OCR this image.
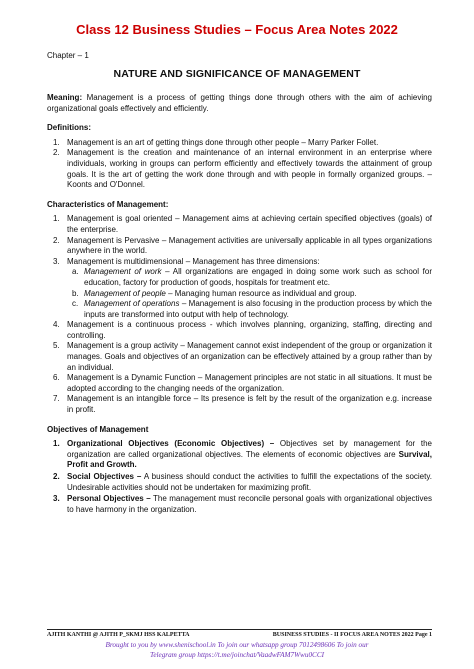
Class 12 Business Studies – Focus Area Notes 2022
Chapter – 1
NATURE AND SIGNIFICANCE OF MANAGEMENT

Meaning: Management is a process of getting things done through others with the aim of achieving organizational goals effectively and efficiently.

Definitions:

1. Management is an art of getting things done through other people – Marry Parker Follet.
2. Management is the creation and maintenance of an internal environment in an enterprise where individuals, working in groups can perform efficiently and effectively towards the attainment of group goals. It is the art of getting the work done through and with people in formally organized groups. – Koonts and O'Donnel.

Characteristics of Management:

1. Management is goal oriented – Management aims at achieving certain specified objectives (goals) of the enterprise.
2. Management is Pervasive – Management activities are universally applicable in all types organizations anywhere in the world.
3. Management is multidimensional – Management has three dimensions:
a. Management of work – All organizations are engaged in doing some work such as school for education, factory for production of goods, hospitals for treatment etc.
b. Management of people – Managing human resource as individual and group.
c. Management of operations – Management is also focusing in the production process by which the inputs are transformed into output with help of technology.
4. Management is a continuous process - which involves planning, organizing, staffing, directing and controlling.
5. Management is a group activity – Management cannot exist independent of the group or organization it manages. Goals and objectives of an organization can be effectively attained by a group rather than by an individual.
6. Management is a Dynamic Function – Management principles are not static in all situations. It must be adopted according to the changing needs of the organization.
7. Management is an intangible force – Its presence is felt by the result of the organization e.g. increase in profit.

Objectives of Management

1. Organizational Objectives (Economic Objectives) – Objectives set by management for the organization are called organizational objectives. The elements of economic objectives are Survival, Profit and Growth.
2. Social Objectives – A business should conduct the activities to fulfill the expectations of the society. Undesirable activities should not be undertaken for maximizing profit.
3. Personal Objectives – The management must reconcile personal goals with organizational objectives to have harmony in the organization.
AJITH KANTHI @ AJITH P_SKMJ HSS KALPETTA	BUSINESS STUDIES - II FOCUS AREA NOTES 2022 Page 1
Brought to you by www.shenischool.in To join our whatsapp group 7012498606 To join our
Telegram group https://t.me/joinchat/VaadwFAM7Wwu0CCI
